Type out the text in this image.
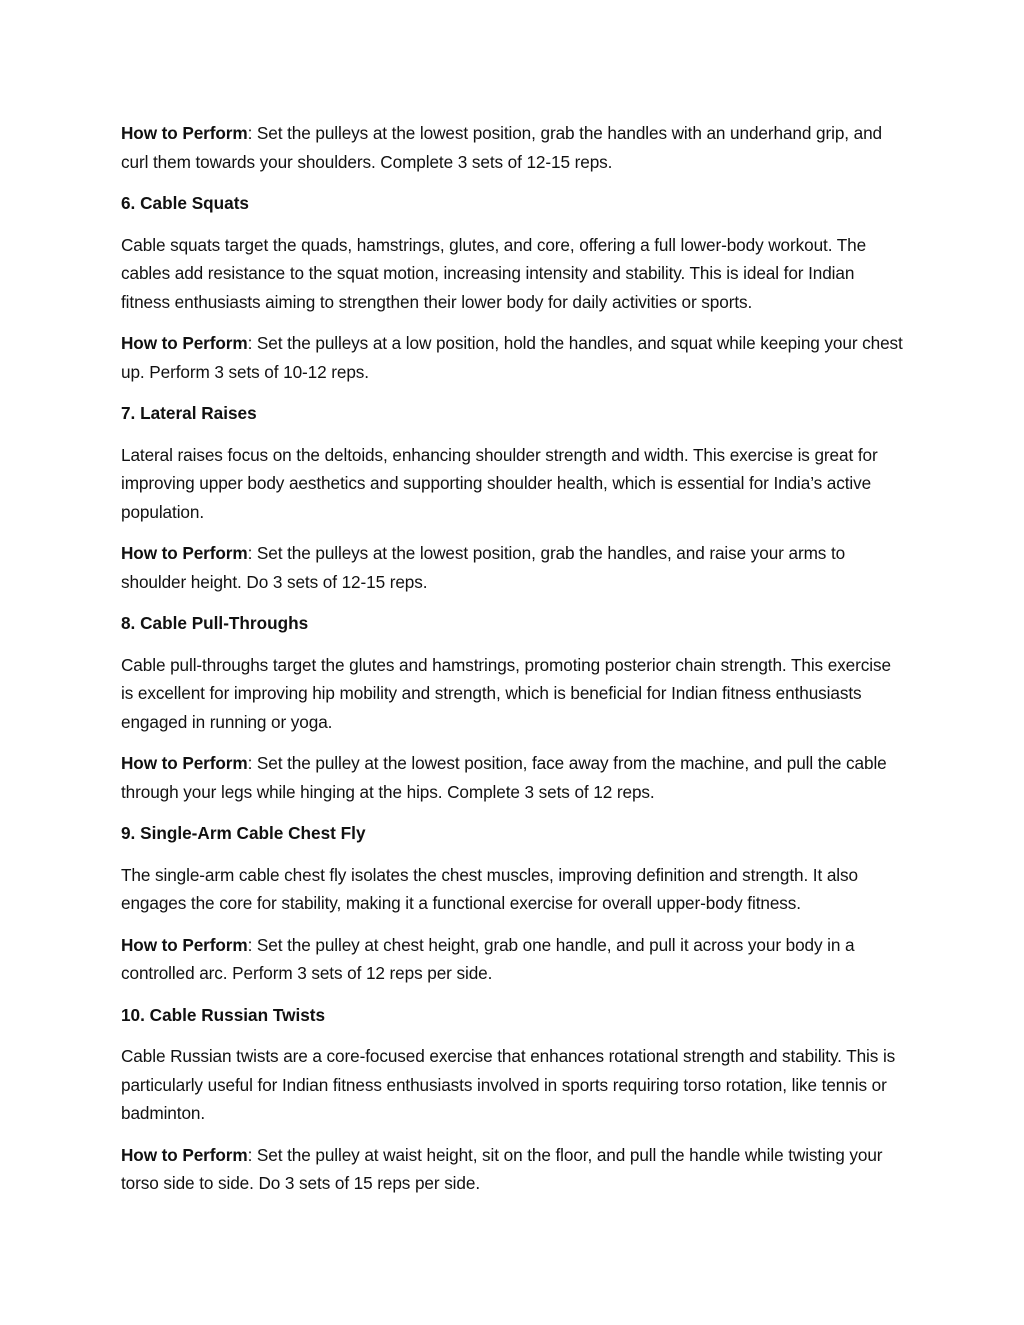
How to Perform: Set the pulleys at the lowest position, grab the handles with an underhand grip, and curl them towards your shoulders. Complete 3 sets of 12-15 reps.

6. Cable Squats

Cable squats target the quads, hamstrings, glutes, and core, offering a full lower-body workout. The cables add resistance to the squat motion, increasing intensity and stability. This is ideal for Indian fitness enthusiasts aiming to strengthen their lower body for daily activities or sports.

How to Perform: Set the pulleys at a low position, hold the handles, and squat while keeping your chest up. Perform 3 sets of 10-12 reps.

7. Lateral Raises

Lateral raises focus on the deltoids, enhancing shoulder strength and width. This exercise is great for improving upper body aesthetics and supporting shoulder health, which is essential for India’s active population.

How to Perform: Set the pulleys at the lowest position, grab the handles, and raise your arms to shoulder height. Do 3 sets of 12-15 reps.

8. Cable Pull-Throughs

Cable pull-throughs target the glutes and hamstrings, promoting posterior chain strength. This exercise is excellent for improving hip mobility and strength, which is beneficial for Indian fitness enthusiasts engaged in running or yoga.

How to Perform: Set the pulley at the lowest position, face away from the machine, and pull the cable through your legs while hinging at the hips. Complete 3 sets of 12 reps.

9. Single-Arm Cable Chest Fly

The single-arm cable chest fly isolates the chest muscles, improving definition and strength. It also engages the core for stability, making it a functional exercise for overall upper-body fitness.

How to Perform: Set the pulley at chest height, grab one handle, and pull it across your body in a controlled arc. Perform 3 sets of 12 reps per side.

10. Cable Russian Twists

Cable Russian twists are a core-focused exercise that enhances rotational strength and stability. This is particularly useful for Indian fitness enthusiasts involved in sports requiring torso rotation, like tennis or badminton.

How to Perform: Set the pulley at waist height, sit on the floor, and pull the handle while twisting your torso side to side. Do 3 sets of 15 reps per side.
